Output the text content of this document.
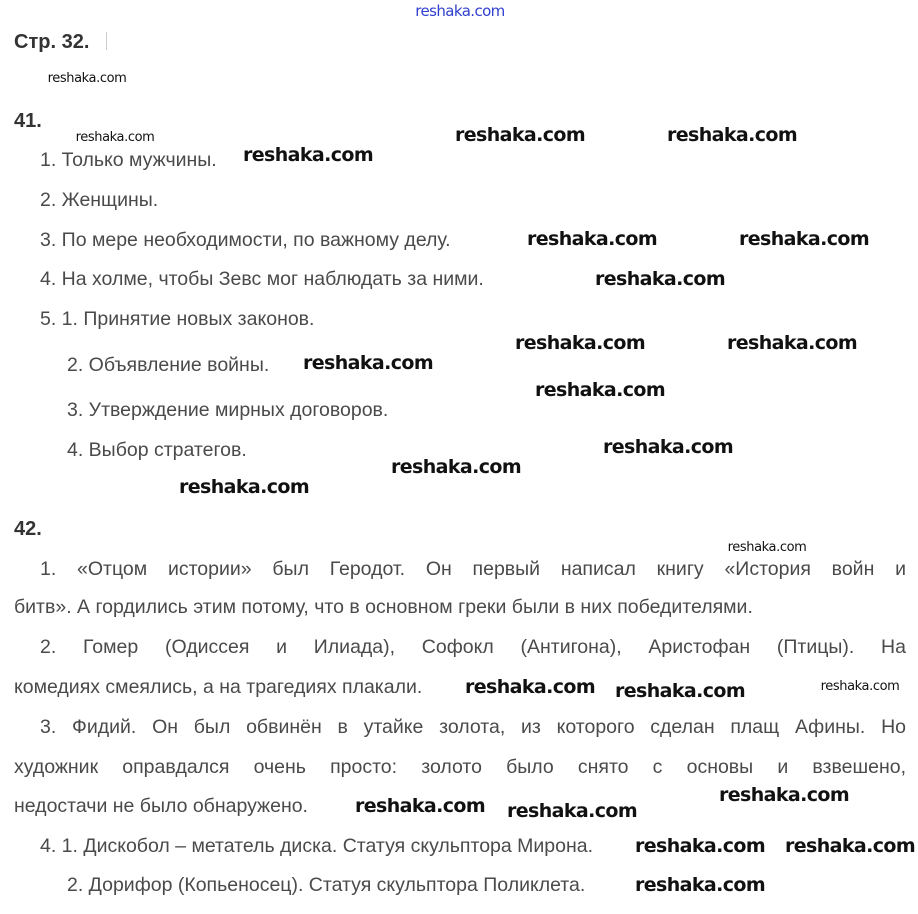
Стр. 32.
41.
1. Только мужчины.
2. Женщины.
3. По мере необходимости, по важному делу.
4. На холме, чтобы Зевс мог наблюдать за ними.
5. 1. Принятие новых законов.
2. Объявление войны.
3. Утверждение мирных договоров.
4. Выбор стратегов.
42.
1. «Отцом истории» был Геродот. Он первый написал книгу «История войн и
битв». А гордились этим потому, что в основном греки были в них победителями.
2. Гомер (Одиссея и Илиада), Софокл (Антигона), Аристофан (Птицы). На
комедиях смеялись, а на трагедиях плакали.
3. Фидий. Он был обвинён в утайке золота, из которого сделан плащ Афины. Но
художник оправдался очень просто: золото было снято с основы и взвешено,
недостачи не было обнаружено.
4. 1. Дискобол – метатель диска. Статуя скульптора Мирона.
2. Дорифор (Копьеносец). Статуя скульптора Поликлета.
reshaka.com
reshaka.com
reshaka.com	reshaka.com
reshaka.com
reshaka.com
reshaka.com	reshaka.com
reshaka.com
reshaka.com	reshaka.com
reshaka.com
reshaka.com
reshaka.com
reshaka.com
reshaka.com
reshaka.com
reshaka.com reshaka.com
reshaka.com
reshaka.com
reshaka.com
reshaka.com
reshaka.com
reshaka.com
reshaka.com
